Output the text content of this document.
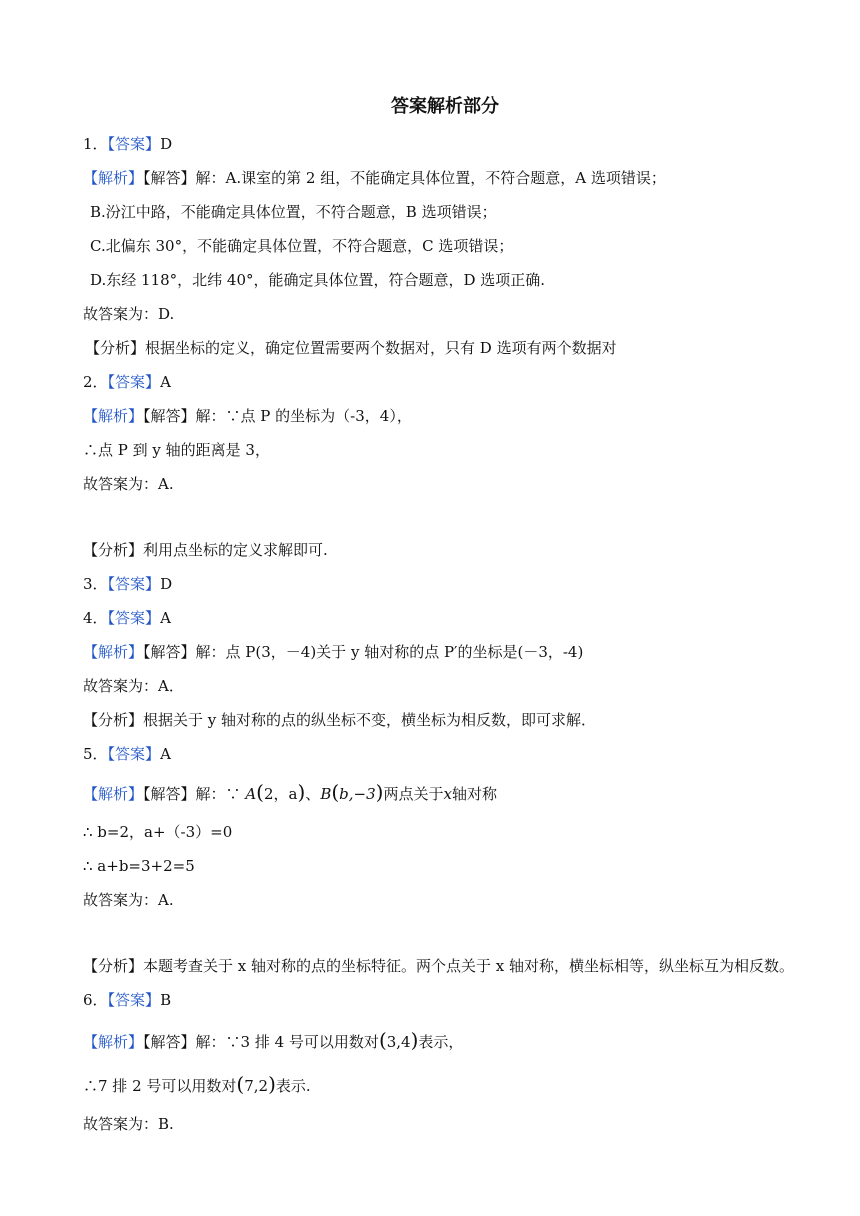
答案解析部分
1．【答案】D
【解析】【解答】解：A.课室的第 2 组，不能确定具体位置，不符合题意，A 选项错误；
B.汾江中路，不能确定具体位置，不符合题意，B 选项错误；
C.北偏东 30°，不能确定具体位置，不符合题意，C 选项错误；
D.东经 118°，北纬 40°，能确定具体位置，符合题意，D 选项正确.
故答案为：D.
【分析】根据坐标的定义，确定位置需要两个数据对，只有 D 选项有两个数据对
2．【答案】A
【解析】【解答】解：∵点 P 的坐标为（-3，4），
∴点 P 到 y 轴的距离是 3，
故答案为：A.
【分析】利用点坐标的定义求解即可.
3．【答案】D
4．【答案】A
【解析】【解答】解：点 P(3，－4)关于 y 轴对称的点 P′的坐标是(－3，-4)
故答案为：A．
【分析】根据关于 y 轴对称的点的纵坐标不变，横坐标为相反数，即可求解．
5．【答案】A
【解析】【解答】解：∵ A(2，a)、B(b,−3)两点关于x轴对称
∴ b=2，a+（-3）=0
∴ a+b=3+2=5
故答案为：A.
【分析】本题考查关于 x 轴对称的点的坐标特征。两个点关于 x 轴对称，横坐标相等，纵坐标互为相反数。
6．【答案】B
【解析】【解答】解：∵3 排 4 号可以用数对(3,4)表示，
∴7 排 2 号可以用数对(7,2)表示.
故答案为：B.
